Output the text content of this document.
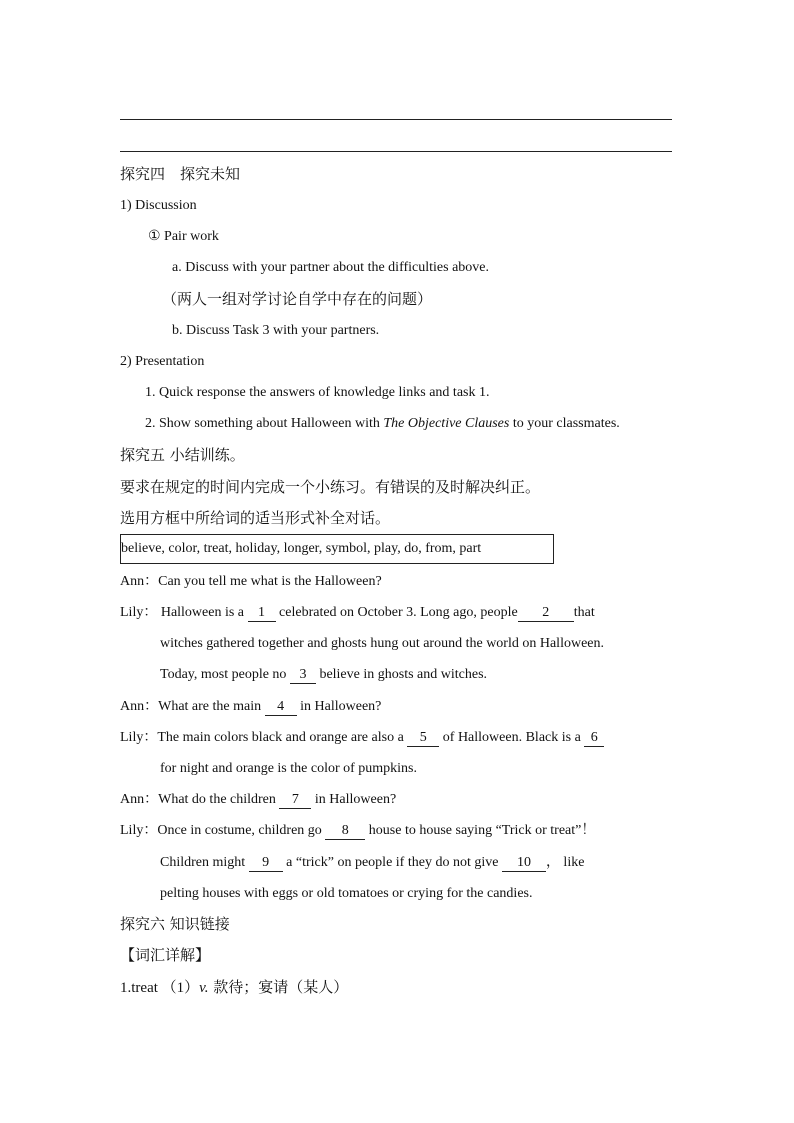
探究四　探究未知
1) Discussion
① Pair work
a. Discuss with your partner about the difficulties above.
（两人一组对学讨论自学中存在的问题）
b. Discuss Task 3 with your partners.
2) Presentation
1. Quick response the answers of knowledge links and task 1.
2. Show something about Halloween with The Objective Clauses to your classmates.
探究五 小结训练。
要求在规定的时间内完成一个小练习。有错误的及时解决纠正。
选用方框中所给词的适当形式补全对话。
believe, color, treat, holiday, longer, symbol, play, do, from, part
Ann：Can you tell me what is the Halloween?
Lily： Halloween is a 1 celebrated on October 3. Long ago, people 2 that
witches gathered together and ghosts hung out around the world on Halloween.
Today, most people no 3 believe in ghosts and witches.
Ann：What are the main 4 in Halloween?
Lily：The main colors black and orange are also a 5 of Halloween. Black is a 6
for night and orange is the color of pumpkins.
Ann：What do the children 7 in Halloween?
Lily：Once in costume, children go 8 house to house saying “Trick or treat”！
Children might 9 a “trick” on people if they do not give 10 ， like
pelting houses with eggs or old tomatoes or crying for the candies.
探究六 知识链接
【词汇详解】
1.treat （1）v. 款待；宴请（某人）
